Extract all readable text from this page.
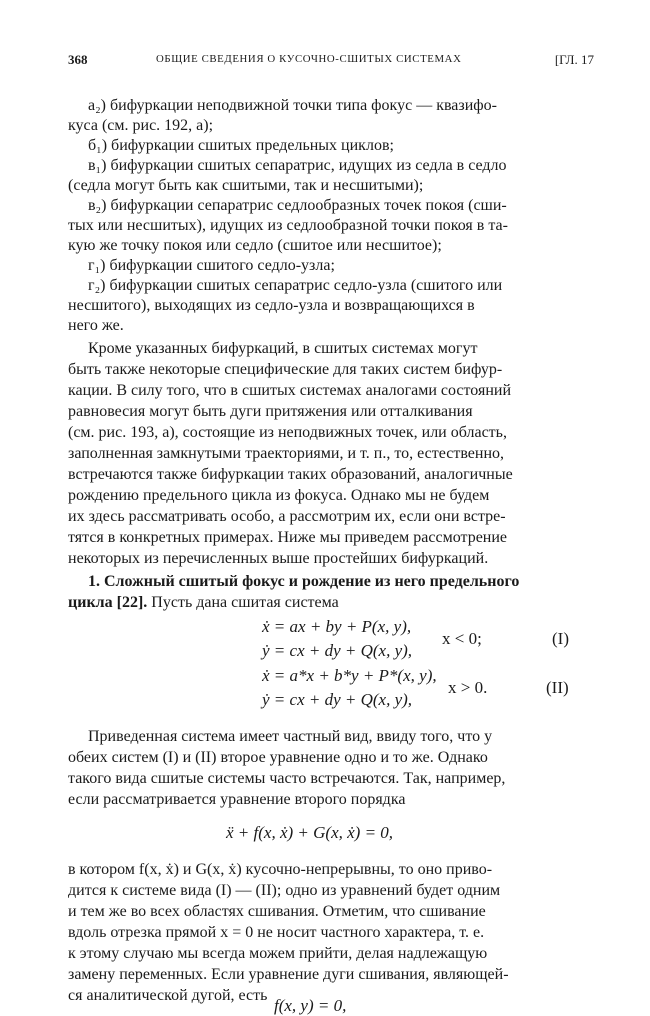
368	ОБЩИЕ СВЕДЕНИЯ О КУСОЧНО-СШИТЫХ СИСТЕМАХ	[ГЛ. 17
а₂) бифуркации неподвижной точки типа фокус — квазифо-
куса (см. рис. 192, а);
б₁) бифуркации сшитых предельных циклов;
в₁) бифуркации сшитых сепаратрис, идущих из седла в седло
(седла могут быть как сшитыми, так и несшитыми);
в₂) бифуркации сепаратрис седлообразных точек покоя (сши-
тых или несшитых), идущих из седлообразной точки покоя в та-
кую же точку покоя или седло (сшитое или несшитое);
г₁) бифуркации сшитого седло-узла;
г₂) бифуркации сшитых сепаратрис седло-узла (сшитого или
несшитого), выходящих из седло-узла и возвращающихся в
него же.
Кроме указанных бифуркаций, в сшитых системах могут
быть также некоторые специфические для таких систем бифур-
кации. В силу того, что в сшитых системах аналогами состояний
равновесия могут быть дуги притяжения или отталкивания
(см. рис. 193, а), состоящие из неподвижных точек, или область,
заполненная замкнутыми траекториями, и т. п., то, естественно,
встречаются также бифуркации таких образований, аналогичные
рождению предельного цикла из фокуса. Однако мы не будем
их здесь рассматривать особо, а рассмотрим их, если они встре-
тятся в конкретных примерах. Ниже мы приведем рассмотрение
некоторых из перечисленных выше простейших бифуркаций.
1. Сложный сшитый фокус и рождение из него предельного
цикла [22]. Пусть дана сшитая система
ẋ = ax + by + P(x, y),
ẏ = cx + dy + Q(x, y),
x < 0;	(I)
ẋ = a*x + b*y + P*(x, y),
ẏ = cx + dy + Q(x, y),
x > 0.	(II)
Приведенная система имеет частный вид, ввиду того, что у
обеих систем (I) и (II) второе уравнение одно и то же. Однако
такого вида сшитые системы часто встречаются. Так, например,
если рассматривается уравнение второго порядка
ẍ + f(x, ẋ) + G(x, ẋ) = 0,
в котором f(x, ẋ) и G(x, ẋ) кусочно-непрерывны, то оно приво-
дится к системе вида (I) — (II); одно из уравнений будет одним
и тем же во всех областях сшивания. Отметим, что сшивание
вдоль отрезка прямой x = 0 не носит частного характера, т. е.
к этому случаю мы всегда можем прийти, делая надлежащую
замену переменных. Если уравнение дуги сшивания, являющей-
ся аналитической дугой, есть
f(x, y) = 0,
